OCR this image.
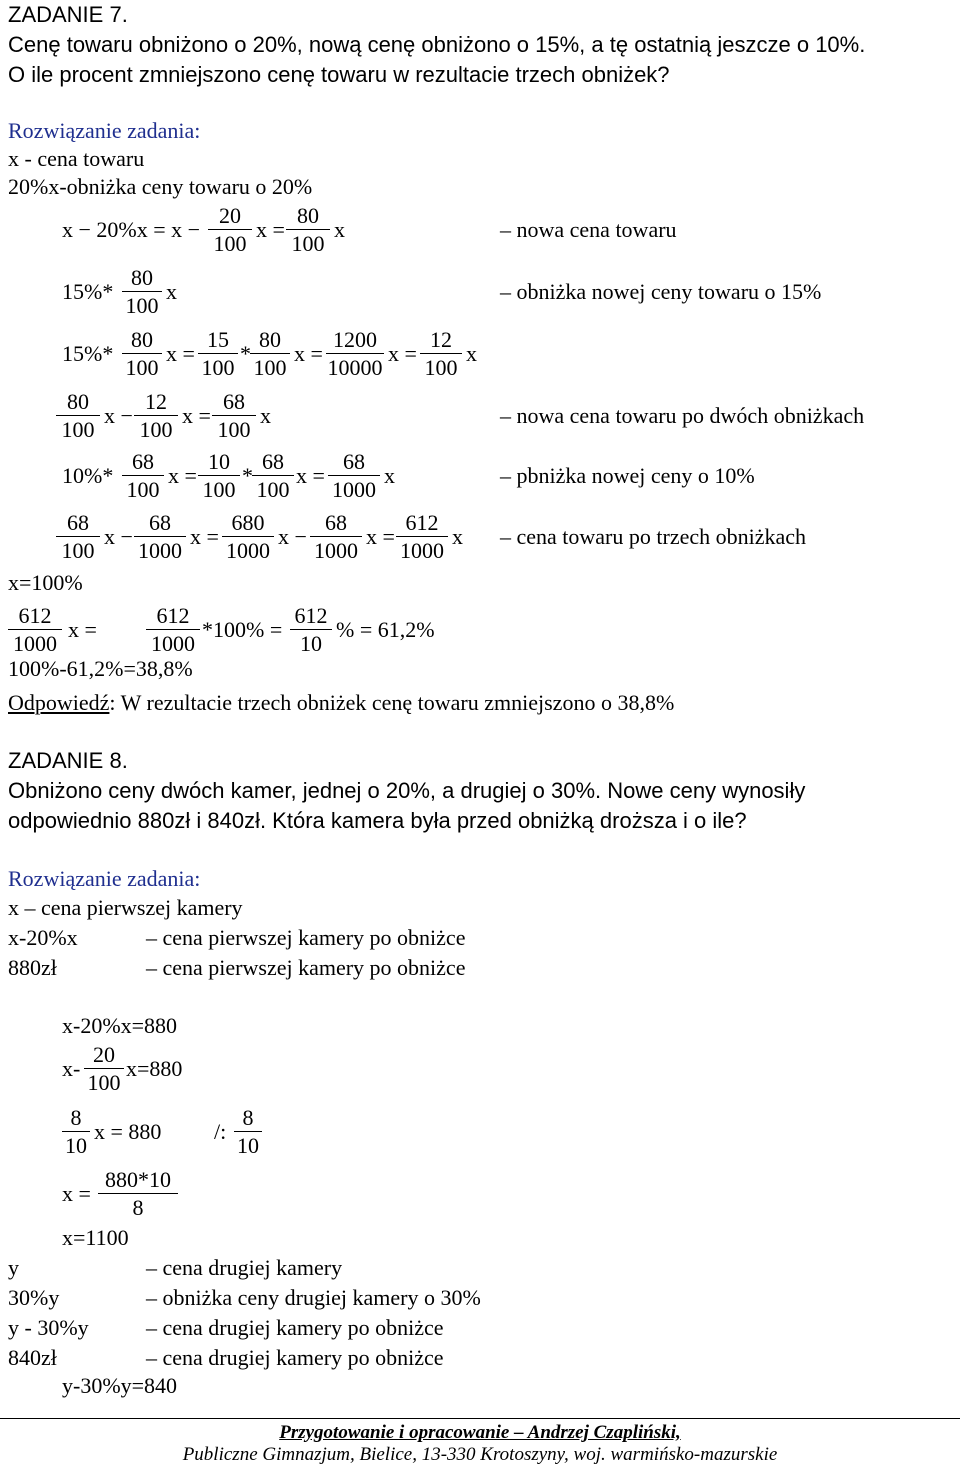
ZADANIE 7.
Cenę towaru obniżono o 20%, nową cenę obniżono o 15%, a tę ostatnią jeszcze o 10%.
O ile procent zmniejszono cenę towaru w rezultacie trzech obniżek?
Rozwiązanie zadania:
x - cena towaru
20%x-obniżka ceny towaru o 20%
$x - 20\%x = x - \frac{20}{100}$ $x = \frac{80}{100}$ x	– nowa cena towaru
$15\%* \frac{80}{100}$ x	– obniżka nowej ceny towaru o 15%
$15\%* \frac{80}{100}$ $x = \frac{15}{100} * \frac{80}{100}$ $x = \frac{1200}{10000}$ $x = \frac{12}{100}$ x
$\frac{80}{100}$ $x - \frac{12}{100}$ $x = \frac{68}{100}$ x	– nowa cena towaru po dwóch obniżkach
$10\%* \frac{68}{100}$ $x = \frac{10}{100} * \frac{68}{100}$ $x = \frac{68}{1000}$ x	– pbniżka nowej ceny o 10%
$\frac{68}{100}$ $x - \frac{68}{1000}$ $x = \frac{680}{1000}$ $x - \frac{68}{1000}$ $x = \frac{612}{1000}$ x – cena towaru po trzech obniżkach
x=100%
$\frac{612}{1000}$ $x = \frac{612}{1000} *100\% = \frac{612}{10}$ % = 61,2%
100%-61,2%=38,8%
Odpowiedź: W rezultacie trzech obniżek cenę towaru zmniejszono o 38,8%
ZADANIE 8.
Obniżono ceny dwóch kamer, jednej o 20%, a drugiej o 30%. Nowe ceny wynosiły
odpowiednio 880zł i 840zł. Która kamera była przed obniżką droższa i o ile?
Rozwiązanie zadania:
x – cena pierwszej kamery
x-20%x	– cena pierwszej kamery po obniżce
880zł	– cena pierwszej kamery po obniżce
x-20%x=880
$x- \frac{20}{100} x=880$
$\frac{8}{10}$ x = 880 /: $\frac{8}{10}$
$x = \frac{880*10}{8}$
x=1100
y	– cena drugiej kamery
30%y	– obniżka ceny drugiej kamery o 30%
y - 30%y	– cena drugiej kamery po obniżce
840zł	– cena drugiej kamery po obniżce
y-30%y=840
Przygotowanie i opracowanie – Andrzej Czapliński,
Publiczne Gimnazjum, Bielice, 13-330 Krotoszyny, woj. warmińsko-mazurskie
